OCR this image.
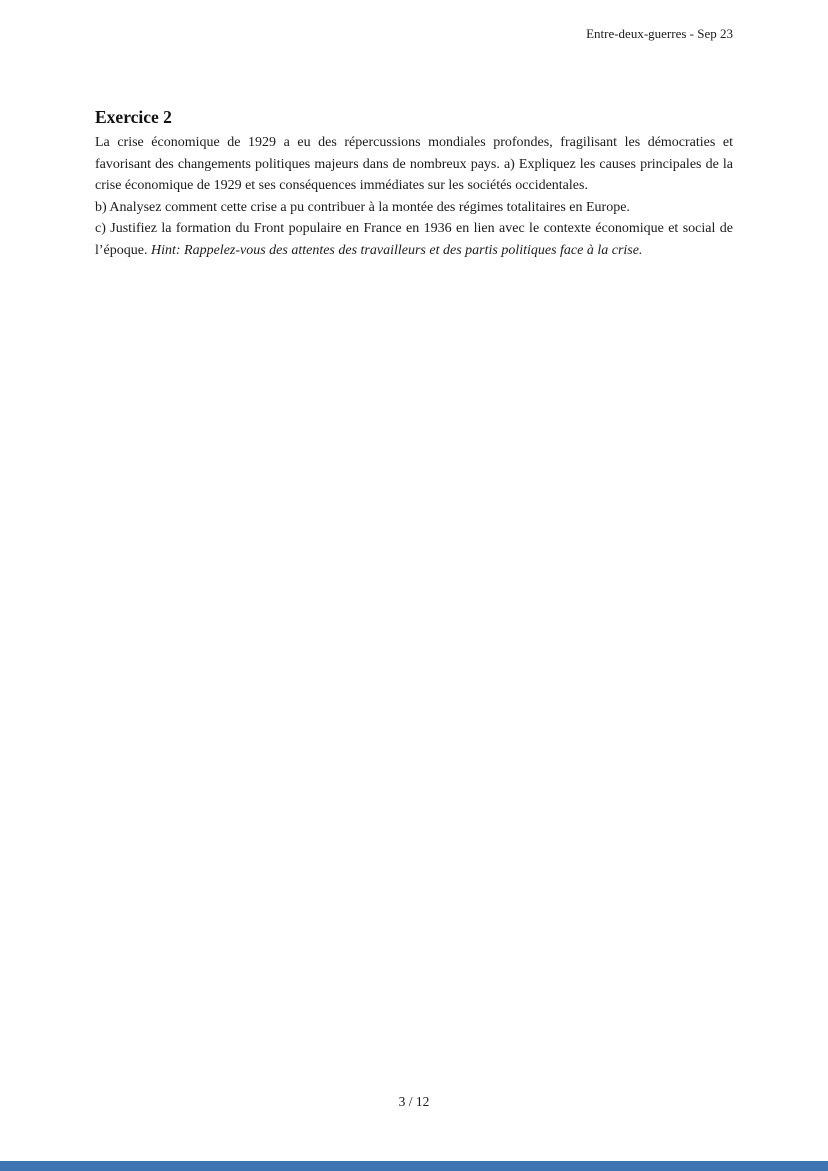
Entre-deux-guerres - Sep 23
Exercice 2

La crise économique de 1929 a eu des répercussions mondiales profondes, fragilisant les démocraties et favorisant des changements politiques majeurs dans de nombreux pays. a) Expliquez les causes principales de la crise économique de 1929 et ses conséquences immédiates sur les sociétés occidentales.
b) Analysez comment cette crise a pu contribuer à la montée des régimes totalitaires en Europe.
c) Justifiez la formation du Front populaire en France en 1936 en lien avec le contexte économique et social de l’époque. Hint: Rappelez-vous des attentes des travailleurs et des partis politiques face à la crise.

3 / 12
